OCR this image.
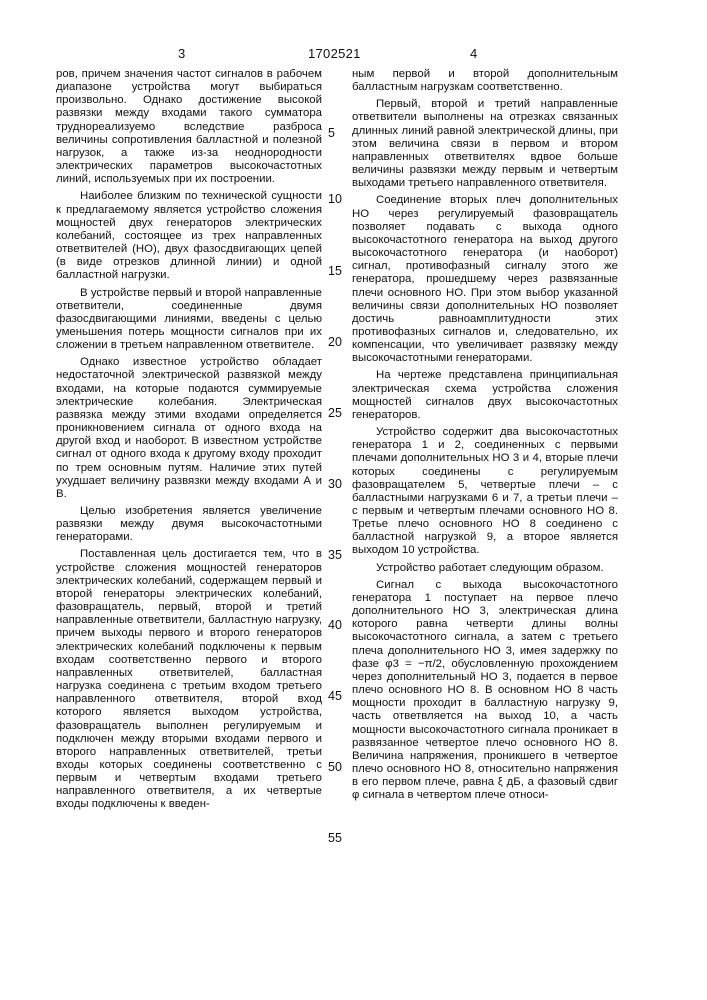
3	1702521	4

ров, причем значения частот сигналов в рабочем диапазоне устройства могут выбираться произвольно. Однако достижение высокой развязки между входами такого сумматора трудно­реализуемо вследствие разброса величины сопротивления балластной и полезной нагрузок, а также из-за неоднородности электрических параметров высокочастотных линий, используемых при их построении.

Наиболее близким по технической сущности к предлагаемому является устройство сложения мощностей двух генераторов электрических колебаний, состоящее из трех направленных ответвителей (НО), двух фазосдвигающих цепей (в виде отрезков длинной линии) и одной балластной нагрузки.

В устройстве первый и второй направленные ответвители, соединенные двумя фазосдвигающими линиями, введены с целью уменьшения потерь мощности сигналов при их сложении в третьем направленном ответвителе.

Однако известное устройство обладает недостаточной электрической развязкой между входами, на которые подаются суммируемые электрические колебания. Электрическая развязка между этими входами определяется проникновением сигнала от одного входа на другой вход и наоборот. В известном устройстве сигнал от одного входа к другому входу проходит по трем основным путям. Наличие этих путей ухудшает величину развязки между входами А и В.

Целью изобретения является увеличение развязки между двумя высокочастотными генераторами.

Поставленная цель достигается тем, что в устройстве сложения мощностей генераторов электрических колебаний, содержащем первый и второй генераторы электрических колебаний, фазовращатель, первый, второй и третий направленные ответвители, балластную нагрузку, причем выходы первого и второго генераторов электрических колебаний подключены к первым входам соответственно первого и второго направленных ответвителей, балластная нагрузка соединена с третьим входом третьего направленного ответвителя, второй вход которого является выходом устройства, фазовращатель выполнен регулируемым и подключен между вторыми входами первого и второго направленных ответвителей, третьи входы которых соединены соответственно с первым и четвертым входами третьего направленного ответвителя, а их четвертые входы подключены к введен-

ным первой и второй дополнительным балластным нагрузкам соответственно.

Первый, второй и третий направленные ответвители выполнены на отрезках связанных длинных линий равной электрической длины, при этом величина связи в первом и втором направленных ответвителях вдвое больше величины развязки между первым и четвертым выходами третьего направленного ответвителя.

Соединение вторых плеч дополнительных НО через регулируемый фазовращатель позволяет подавать с выхода одного высокочастотного генератора на выход другого высокочастотного генератора (и наоборот) сигнал, противофазный сигналу этого же генератора, прошедшему через развязанные плечи основного НО. При этом выбор указанной величины связи дополнительных НО позволяет достичь равноамплитудности этих противофазных сигналов и, следовательно, их компенсации, что увеличивает развязку между высокочастотными генераторами.

На чертеже представлена принципиальная электрическая схема устройства сложения мощностей сигналов двух высокочастотных генераторов.

Устройство содержит два высокочастотных генератора 1 и 2, соединенных с первыми плечами дополнительных НО 3 и 4, вторые плечи которых соединены с регулируемым фазовращателем 5, четвертые плечи – с балластными нагрузками 6 и 7, а третьи плечи – с первым и четвертым плечами основного НО 8. Третье плечо основного НО 8 соединено с балластной нагрузкой 9, а второе является выходом 10 устройства.

Устройство работает следующим образом.

Сигнал с выхода высокочастотного генератора 1 поступает на первое плечо дополнительного НО 3, электрическая длина которого равна четверти длины волны высокочастотного сигнала, а затем с третьего плеча дополнительного НО 3, имея задержку по фазе φ3 = −π/2, обусловленную прохождением через дополнительный НО 3, подается в первое плечо основного НО 8. В основном НО 8 часть мощности проходит в балластную нагрузку 9, часть ответвляется на выход 10, а часть мощности высокочастотного сигнала проникает в развязанное четвертое плечо основного НО 8. Величина напряжения, проникшего в четвертое плечо основного НО 8, относительно напряжения в его первом плече, равна ξ дБ, а фазовый сдвиг φ сигнала в четвертом плече относи-

5
10
15
20
25
30
35
40
45
50
55
